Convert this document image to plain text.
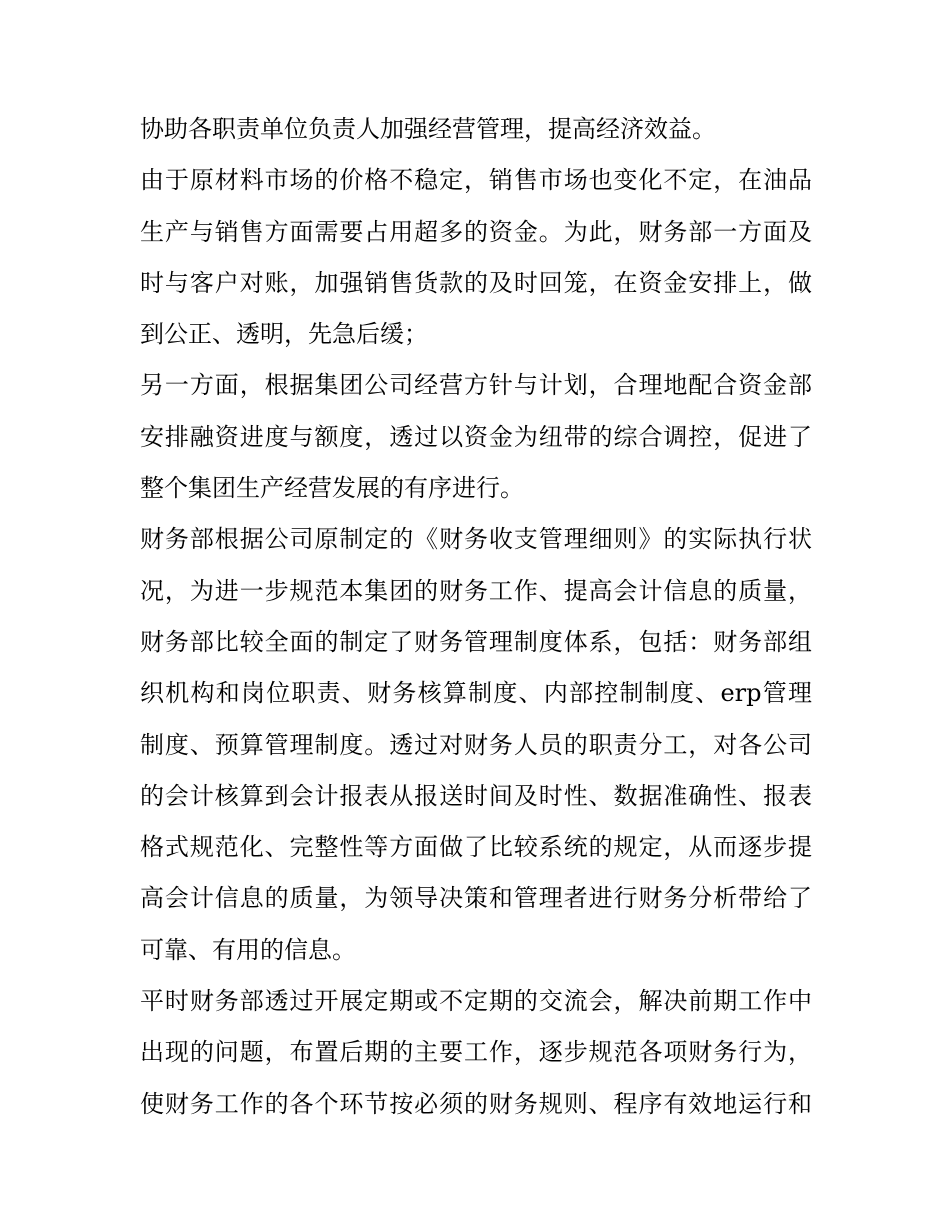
协助各职责单位负责人加强经营管理，提高经济效益。
由于原材料市场的价格不稳定，销售市场也变化不定，在油品
生产与销售方面需要占用超多的资金。为此，财务部一方面及
时与客户对账，加强销售货款的及时回笼，在资金安排上，做
到公正、透明，先急后缓；
另一方面，根据集团公司经营方针与计划，合理地配合资金部
安排融资进度与额度，透过以资金为纽带的综合调控，促进了
整个集团生产经营发展的有序进行。
财务部根据公司原制定的《财务收支管理细则》的实际执行状
况，为进一步规范本集团的财务工作、提高会计信息的质量，
财务部比较全面的制定了财务管理制度体系，包括：财务部组
织机构和岗位职责、财务核算制度、内部控制制度、erp管理
制度、预算管理制度。透过对财务人员的职责分工，对各公司
的会计核算到会计报表从报送时间及时性、数据准确性、报表
格式规范化、完整性等方面做了比较系统的规定，从而逐步提
高会计信息的质量，为领导决策和管理者进行财务分析带给了
可靠、有用的信息。
平时财务部透过开展定期或不定期的交流会，解决前期工作中
出现的问题，布置后期的主要工作，逐步规范各项财务行为，
使财务工作的各个环节按必须的财务规则、程序有效地运行和
